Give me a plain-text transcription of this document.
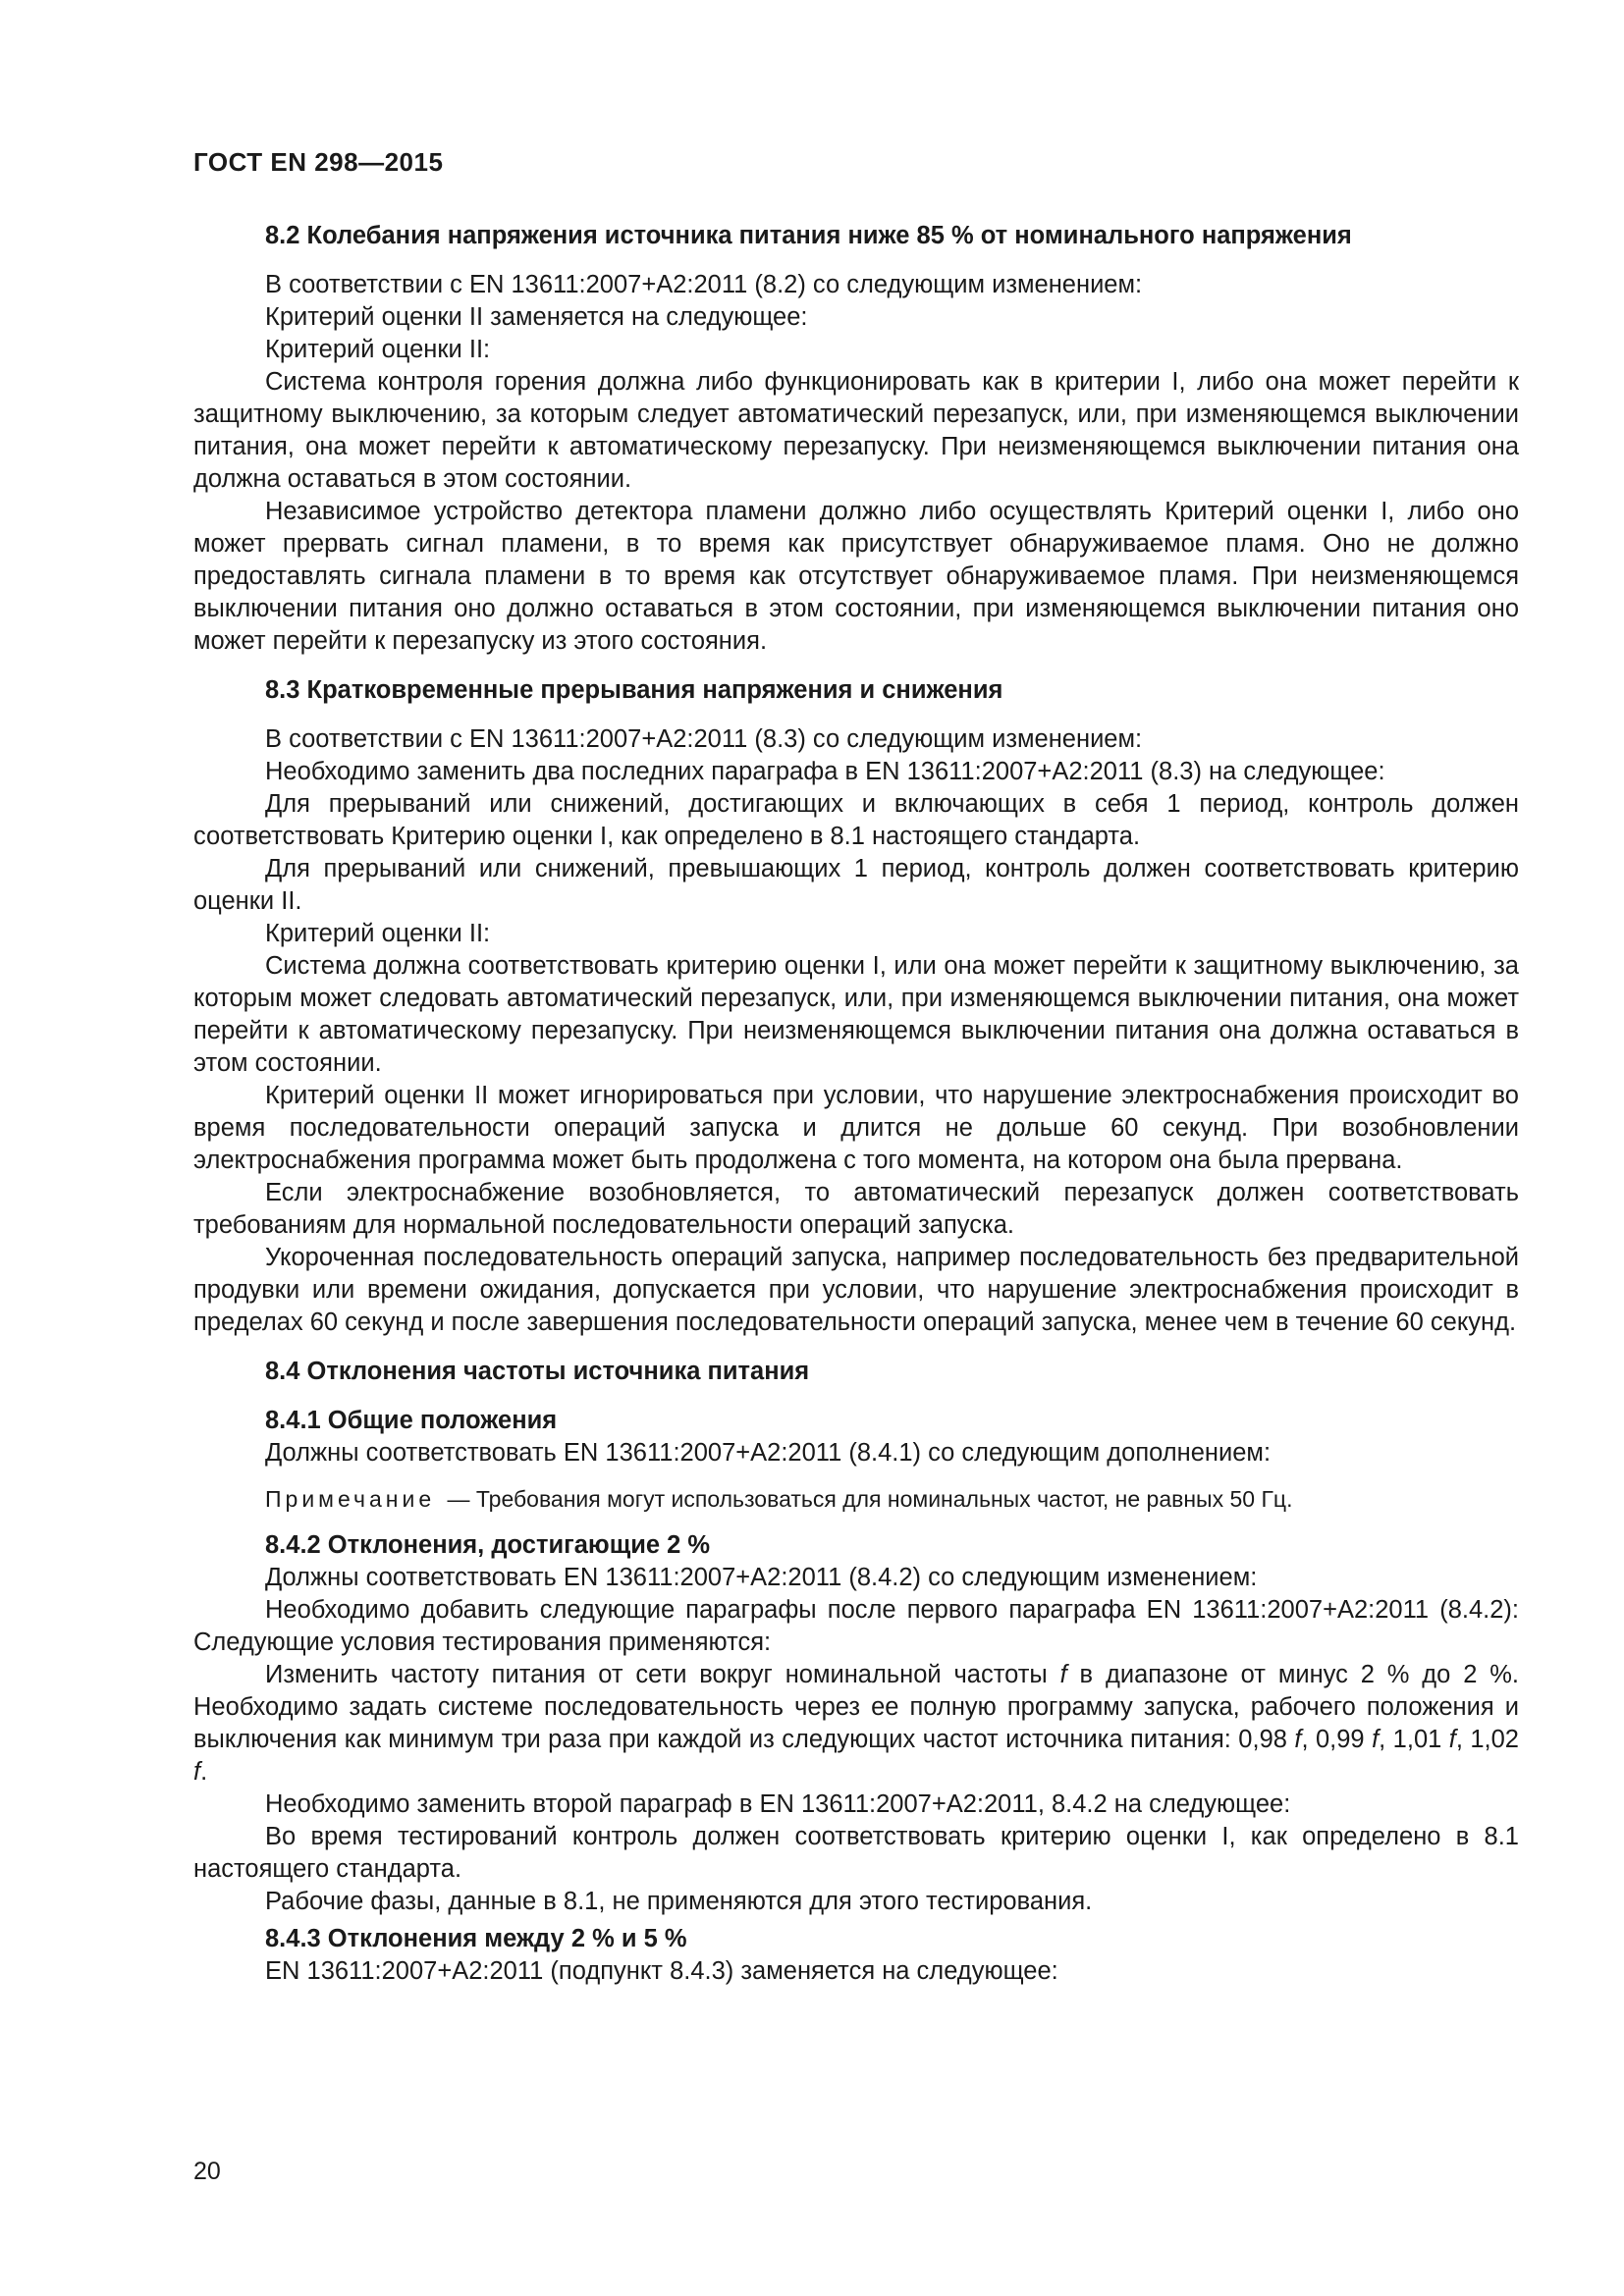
ГОСТ EN 298—2015
8.2 Колебания напряжения источника питания ниже 85 % от номинального напряжения

В соответствии с EN 13611:2007+A2:2011 (8.2) со следующим изменением:

Критерий оценки II заменяется на следующее:

Критерий оценки II:

Система контроля горения должна либо функционировать как в критерии I, либо она может перейти к защитному выключению, за которым следует автоматический перезапуск, или, при изменяющемся выключении питания, она может перейти к автоматическому перезапуску. При неизменяющемся выключении питания она должна оставаться в этом состоянии.

Независимое устройство детектора пламени должно либо осуществлять Критерий оценки I, либо оно может прервать сигнал пламени, в то время как присутствует обнаруживаемое пламя. Оно не должно предоставлять сигнала пламени в то время как отсутствует обнаруживаемое пламя. При неизменяющемся выключении питания оно должно оставаться в этом состоянии, при изменяющемся выключении питания оно может перейти к перезапуску из этого состояния.

8.3 Кратковременные прерывания напряжения и снижения

В соответствии с EN 13611:2007+A2:2011 (8.3) со следующим изменением:

Необходимо заменить два последних параграфа в EN 13611:2007+A2:2011 (8.3) на следующее:

Для прерываний или снижений, достигающих и включающих в себя 1 период, контроль должен соответствовать Критерию оценки I, как определено в 8.1 настоящего стандарта.

Для прерываний или снижений, превышающих 1 период, контроль должен соответствовать критерию оценки II.

Критерий оценки II:

Система должна соответствовать критерию оценки I, или она может перейти к защитному выключению, за которым может следовать автоматический перезапуск, или, при изменяющемся выключении питания, она может перейти к автоматическому перезапуску. При неизменяющемся выключении питания она должна оставаться в этом состоянии.

Критерий оценки II может игнорироваться при условии, что нарушение электроснабжения происходит во время последовательности операций запуска и длится не дольше 60 секунд. При возобновлении электроснабжения программа может быть продолжена с того момента, на котором она была прервана.

Если электроснабжение возобновляется, то автоматический перезапуск должен соответствовать требованиям для нормальной последовательности операций запуска.

Укороченная последовательность операций запуска, например последовательность без предварительной продувки или времени ожидания, допускается при условии, что нарушение электроснабжения происходит в пределах 60 секунд и после завершения последовательности операций запуска, менее чем в течение 60 секунд.

8.4 Отклонения частоты источника питания
8.4.1 Общие положения

Должны соответствовать EN 13611:2007+A2:2011 (8.4.1) со следующим дополнением:

Примечание — Требования могут использоваться для номинальных частот, не равных 50 Гц.
8.4.2 Отклонения, достигающие 2 %

Должны соответствовать EN 13611:2007+A2:2011 (8.4.2) со следующим изменением:

Необходимо добавить следующие параграфы после первого параграфа EN 13611:2007+A2:2011 (8.4.2): Следующие условия тестирования применяются:

Изменить частоту питания от сети вокруг номинальной частоты f в диапазоне от минус 2 % до 2 %. Необходимо задать системе последовательность через ее полную программу запуска, рабочего положения и выключения как минимум три раза при каждой из следующих частот источника питания: 0,98 f, 0,99 f, 1,01 f, 1,02 f.

Необходимо заменить второй параграф в EN 13611:2007+A2:2011, 8.4.2 на следующее:

Во время тестирований контроль должен соответствовать критерию оценки I, как определено в 8.1 настоящего стандарта.

Рабочие фазы, данные в 8.1, не применяются для этого тестирования.

8.4.3 Отклонения между 2 % и 5 %

EN 13611:2007+A2:2011 (подпункт 8.4.3) заменяется на следующее:

20
